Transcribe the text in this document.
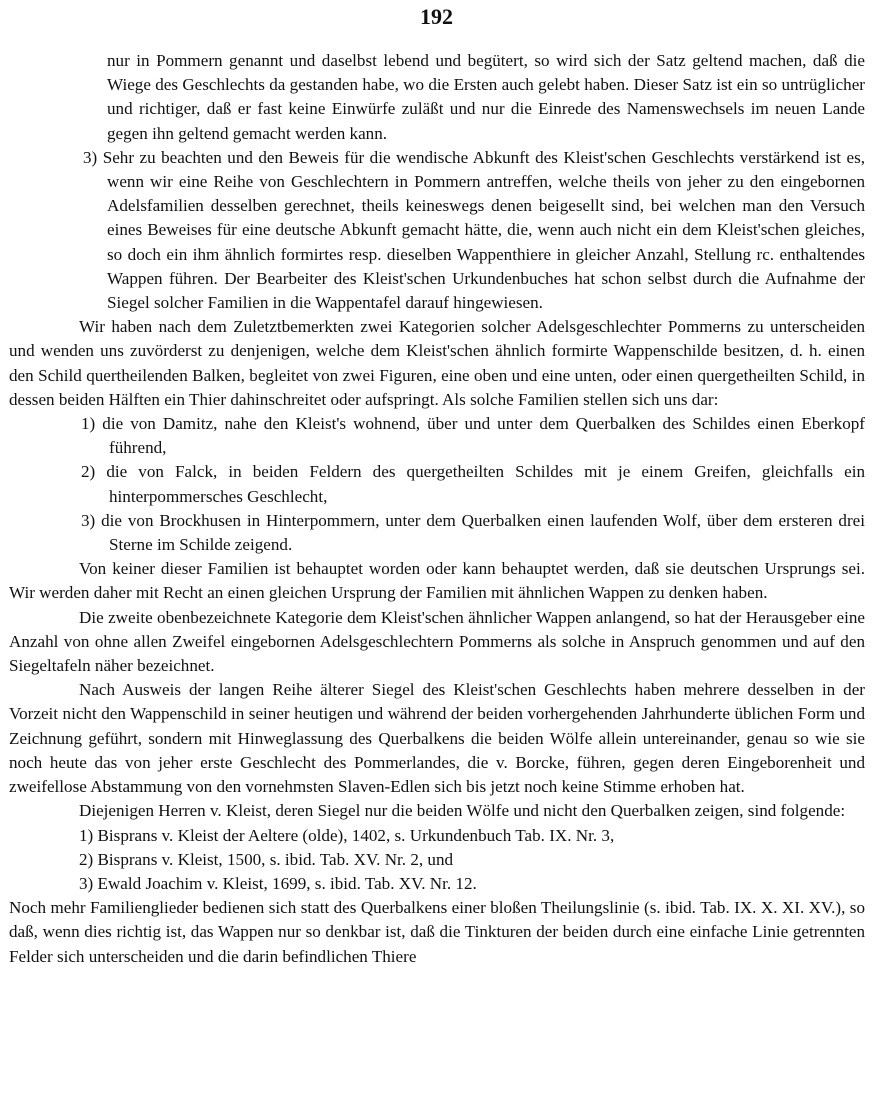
192

nur in Pommern genannt und daselbst lebend und begütert, so wird sich der Satz geltend machen, daß die Wiege des Geschlechts da gestanden habe, wo die Ersten auch gelebt haben. Dieser Satz ist ein so untrüglicher und richtiger, daß er fast keine Einwürfe zuläßt und nur die Einrede des Namenswechsels im neuen Lande gegen ihn geltend gemacht werden kann.

3) Sehr zu beachten und den Beweis für die wendische Abkunft des Kleist'schen Geschlechts verstärkend ist es, wenn wir eine Reihe von Geschlechtern in Pommern antreffen, welche theils von jeher zu den eingebornen Adelsfamilien desselben gerechnet, theils keineswegs denen beigesellt sind, bei welchen man den Versuch eines Beweises für eine deutsche Abkunft gemacht hätte, die, wenn auch nicht ein dem Kleist'schen gleiches, so doch ein ihm ähnlich formirtes resp. dieselben Wappenthiere in gleicher Anzahl, Stellung rc. enthaltendes Wappen führen. Der Bearbeiter des Kleist'schen Urkundenbuches hat schon selbst durch die Aufnahme der Siegel solcher Familien in die Wappentafel darauf hingewiesen.

Wir haben nach dem Zuletztbemerkten zwei Kategorien solcher Adelsgeschlechter Pommerns zu unterscheiden und wenden uns zuvörderst zu denjenigen, welche dem Kleist'schen ähnlich formirte Wappenschilde besitzen, d. h. einen den Schild quertheilenden Balken, begleitet von zwei Figuren, eine oben und eine unten, oder einen quergetheilten Schild, in dessen beiden Hälften ein Thier dahinschreitet oder aufspringt. Als solche Familien stellen sich uns dar:

1) die von Damitz, nahe den Kleist's wohnend, über und unter dem Querbalken des Schildes einen Eberkopf führend,

2) die von Falck, in beiden Feldern des quergetheilten Schildes mit je einem Greifen, gleichfalls ein hinterpommersches Geschlecht,

3) die von Brockhusen in Hinterpommern, unter dem Querbalken einen laufenden Wolf, über dem ersteren drei Sterne im Schilde zeigend.

Von keiner dieser Familien ist behauptet worden oder kann behauptet werden, daß sie deutschen Ursprungs sei. Wir werden daher mit Recht an einen gleichen Ursprung der Familien mit ähnlichen Wappen zu denken haben.

Die zweite obenbezeichnete Kategorie dem Kleist'schen ähnlicher Wappen anlangend, so hat der Herausgeber eine Anzahl von ohne allen Zweifel eingebornen Adelsgeschlechtern Pommerns als solche in Anspruch genommen und auf den Siegeltafeln näher bezeichnet.

Nach Ausweis der langen Reihe älterer Siegel des Kleist'schen Geschlechts haben mehrere desselben in der Vorzeit nicht den Wappenschild in seiner heutigen und während der beiden vorhergehenden Jahrhunderte üblichen Form und Zeichnung geführt, sondern mit Hinweglassung des Querbalkens die beiden Wölfe allein untereinander, genau so wie sie noch heute das von jeher erste Geschlecht des Pommerlandes, die v. Borcke, führen, gegen deren Eingeborenheit und zweifellose Abstammung von den vornehmsten Slaven-Edlen sich bis jetzt noch keine Stimme erhoben hat.

Diejenigen Herren v. Kleist, deren Siegel nur die beiden Wölfe und nicht den Querbalken zeigen, sind folgende:

1) Bisprans v. Kleist der Aeltere (olde), 1402, s. Urkundenbuch Tab. IX. Nr. 3,

2) Bisprans v. Kleist, 1500, s. ibid. Tab. XV. Nr. 2, und

3) Ewald Joachim v. Kleist, 1699, s. ibid. Tab. XV. Nr. 12.

Noch mehr Familienglieder bedienen sich statt des Querbalkens einer bloßen Theilungslinie (s. ibid. Tab. IX. X. XI. XV.), so daß, wenn dies richtig ist, das Wappen nur so denkbar ist, daß die Tinkturen der beiden durch eine einfache Linie getrennten Felder sich unterscheiden und die darin befindlichen Thiere
